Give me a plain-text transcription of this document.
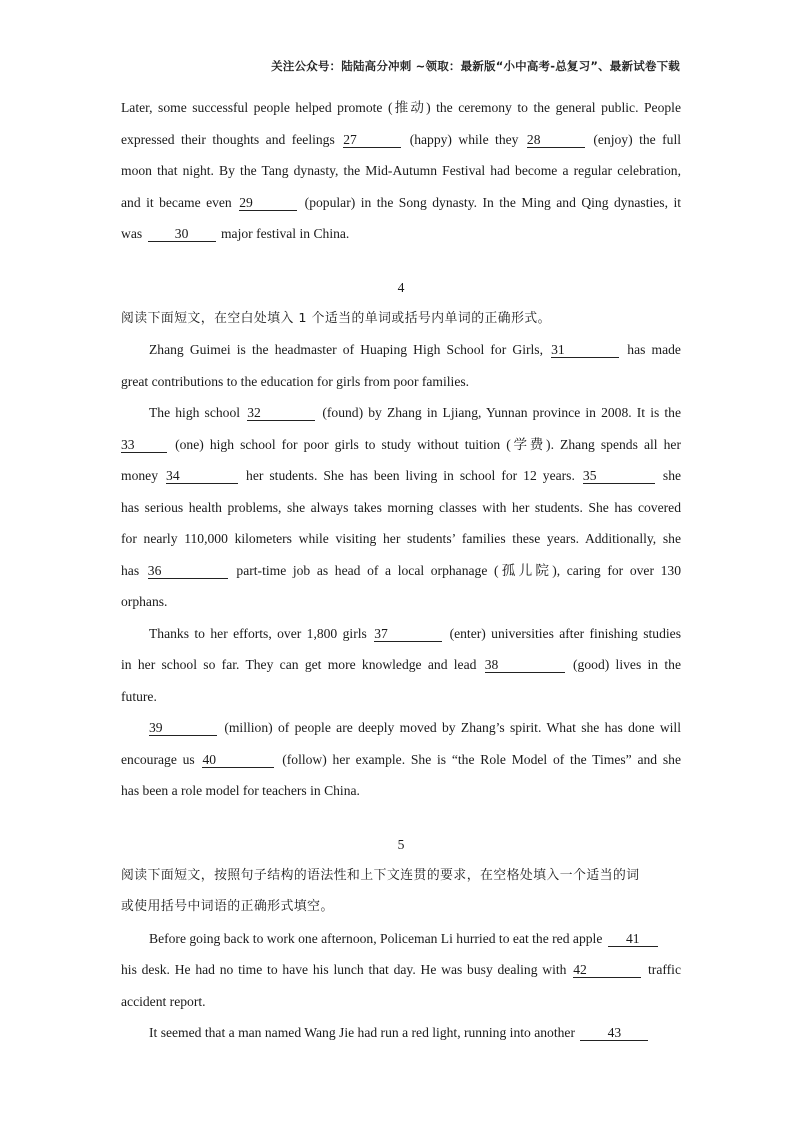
关注公众号：陆陆高分冲刺 ~领取：最新版“小中高考-总复习”、最新试卷下载
Later, some successful people helped promote (推动) the ceremony to the general public. People
expressed their thoughts and feelings 27	(happy) while they 28	(enjoy) the full
moon that night. By the Tang dynasty, the Mid-Autumn Festival had become a regular celebration,
and it became even 29	(popular) in the Song dynasty. In the Ming and Qing dynasties, it
was 30 major festival in China.
4
阅读下面短文，在空白处填入 1 个适当的单词或括号内单词的正确形式。
Zhang Guimei is the headmaster of Huaping High School for Girls, 31	has made
great contributions to the education for girls from poor families.
The high school 32	(found) by Zhang in Ljiang, Yunnan province in 2008. It is the
33	(one) high school for poor girls to study without tuition (学费). Zhang spends all her
money 34	her students. She has been living in school for 12 years. 35	she
has serious health problems, she always takes morning classes with her students. She has covered
for nearly 110,000 kilometers while visiting her students’ families these years. Additionally, she
has 36	part-time job as head of a local orphanage (孤儿院), caring for over 130
orphans.
Thanks to her efforts, over 1,800 girls 37	(enter) universities after finishing studies
in her school so far. They can get more knowledge and lead 38	(good) lives in the
future.
39	(million) of people are deeply moved by Zhang’s spirit. What she has done will
encourage us 40	(follow) her example. She is “the Role Model of the Times” and she
has been a role model for teachers in China.
5
阅读下面短文，按照句子结构的语法性和上下文连贯的要求，在空格处填入一个适当的词
或使用括号中词语的正确形式填空。
Before going back to work one afternoon, Policeman Li hurried to eat the red apple 41
his desk. He had no time to have his lunch that day. He was busy dealing with 42	traffic
accident report.
It seemed that a man named Wang Jie had run a red light, running into another 43
